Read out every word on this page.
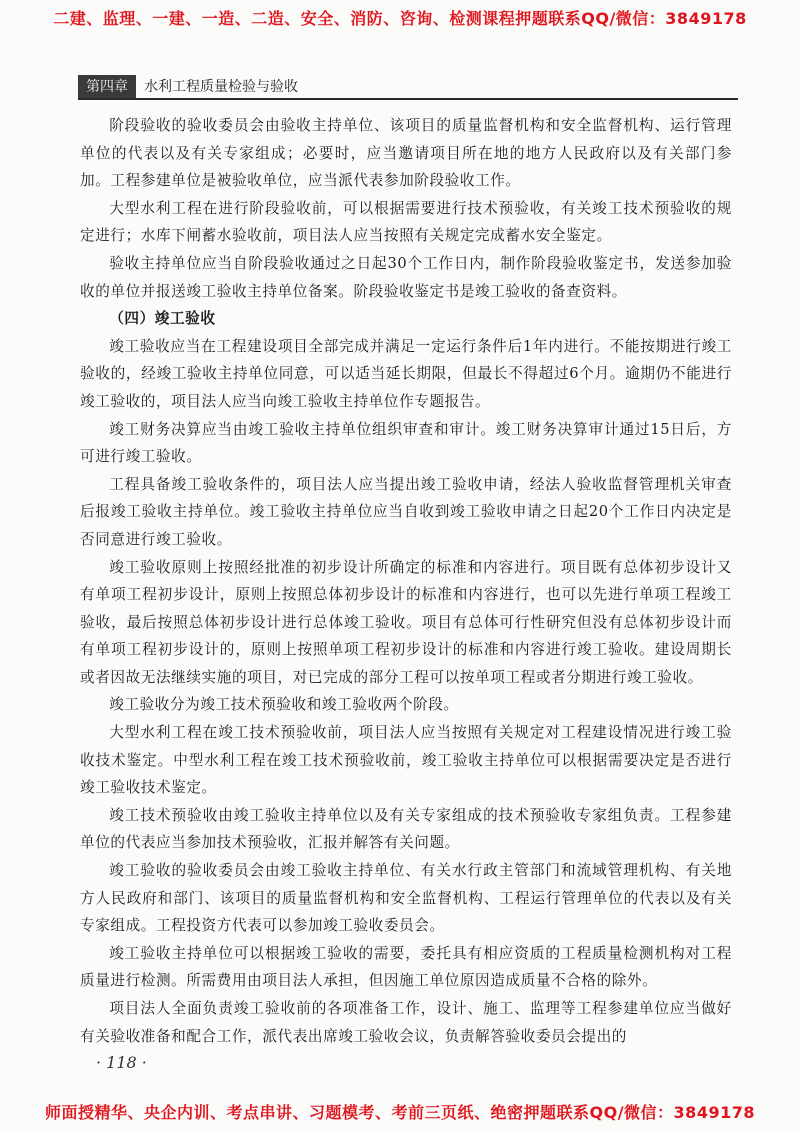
二建、监理、一建、一造、二造、安全、消防、咨询、检测课程押题联系QQ/微信：3849178
第四章	水利工程质量检验与验收

阶段验收的验收委员会由验收主持单位、该项目的质量监督机构和安全监督机构、运行管理单位的代表以及有关专家组成；必要时，应当邀请项目所在地的地方人民政府以及有关部门参加。工程参建单位是被验收单位，应当派代表参加阶段验收工作。

大型水利工程在进行阶段验收前，可以根据需要进行技术预验收，有关竣工技术预验收的规定进行；水库下闸蓄水验收前，项目法人应当按照有关规定完成蓄水安全鉴定。

验收主持单位应当自阶段验收通过之日起30个工作日内，制作阶段验收鉴定书，发送参加验收的单位并报送竣工验收主持单位备案。阶段验收鉴定书是竣工验收的备查资料。

（四）竣工验收

竣工验收应当在工程建设项目全部完成并满足一定运行条件后1年内进行。不能按期进行竣工验收的，经竣工验收主持单位同意，可以适当延长期限，但最长不得超过6个月。逾期仍不能进行竣工验收的，项目法人应当向竣工验收主持单位作专题报告。

竣工财务决算应当由竣工验收主持单位组织审查和审计。竣工财务决算审计通过15日后，方可进行竣工验收。

工程具备竣工验收条件的，项目法人应当提出竣工验收申请，经法人验收监督管理机关审查后报竣工验收主持单位。竣工验收主持单位应当自收到竣工验收申请之日起20个工作日内决定是否同意进行竣工验收。

竣工验收原则上按照经批准的初步设计所确定的标准和内容进行。项目既有总体初步设计又有单项工程初步设计，原则上按照总体初步设计的标准和内容进行，也可以先进行单项工程竣工验收，最后按照总体初步设计进行总体竣工验收。项目有总体可行性研究但没有总体初步设计而有单项工程初步设计的，原则上按照单项工程初步设计的标准和内容进行竣工验收。建设周期长或者因故无法继续实施的项目，对已完成的部分工程可以按单项工程或者分期进行竣工验收。

竣工验收分为竣工技术预验收和竣工验收两个阶段。

大型水利工程在竣工技术预验收前，项目法人应当按照有关规定对工程建设情况进行竣工验收技术鉴定。中型水利工程在竣工技术预验收前，竣工验收主持单位可以根据需要决定是否进行竣工验收技术鉴定。

竣工技术预验收由竣工验收主持单位以及有关专家组成的技术预验收专家组负责。工程参建单位的代表应当参加技术预验收，汇报并解答有关问题。

竣工验收的验收委员会由竣工验收主持单位、有关水行政主管部门和流域管理机构、有关地方人民政府和部门、该项目的质量监督机构和安全监督机构、工程运行管理单位的代表以及有关专家组成。工程投资方代表可以参加竣工验收委员会。

竣工验收主持单位可以根据竣工验收的需要，委托具有相应资质的工程质量检测机构对工程质量进行检测。所需费用由项目法人承担，但因施工单位原因造成质量不合格的除外。

项目法人全面负责竣工验收前的各项准备工作，设计、施工、监理等工程参建单位应当做好有关验收准备和配合工作，派代表出席竣工验收会议，负责解答验收委员会提出的

· 118 ·
师面授精华、央企内训、考点串讲、习题模考、考前三页纸、绝密押题联系QQ/微信：3849178
